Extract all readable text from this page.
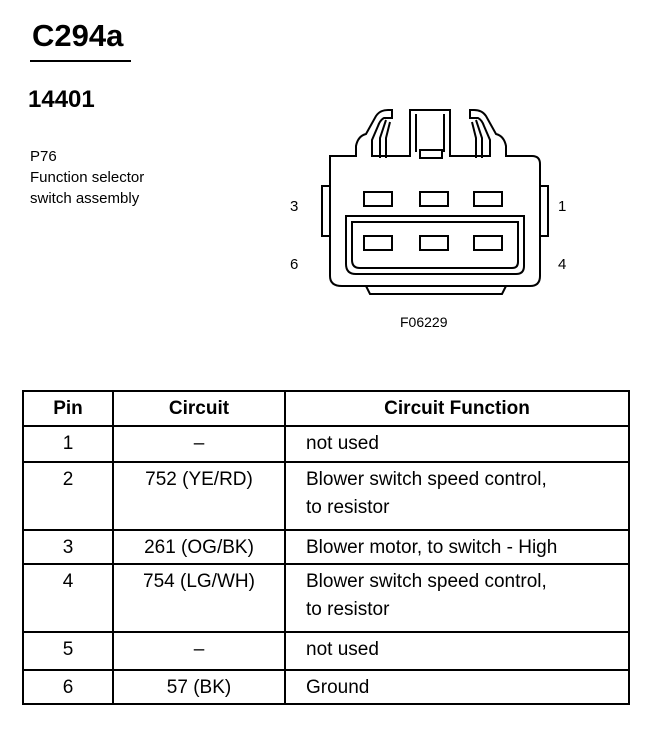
C294a
14401
P76
Function selector
switch assembly	3
6
1
4
F06229
Pin	Circuit	Circuit Function
1	–	not used

2	752 (YE/RD)	Blower switch speed control,
to resistor

3	261 (OG/BK)	Blower motor, to switch - High

4	754 (LG/WH)	Blower switch speed control,
to resistor

5	–	not used

6	57 (BK)	Ground
